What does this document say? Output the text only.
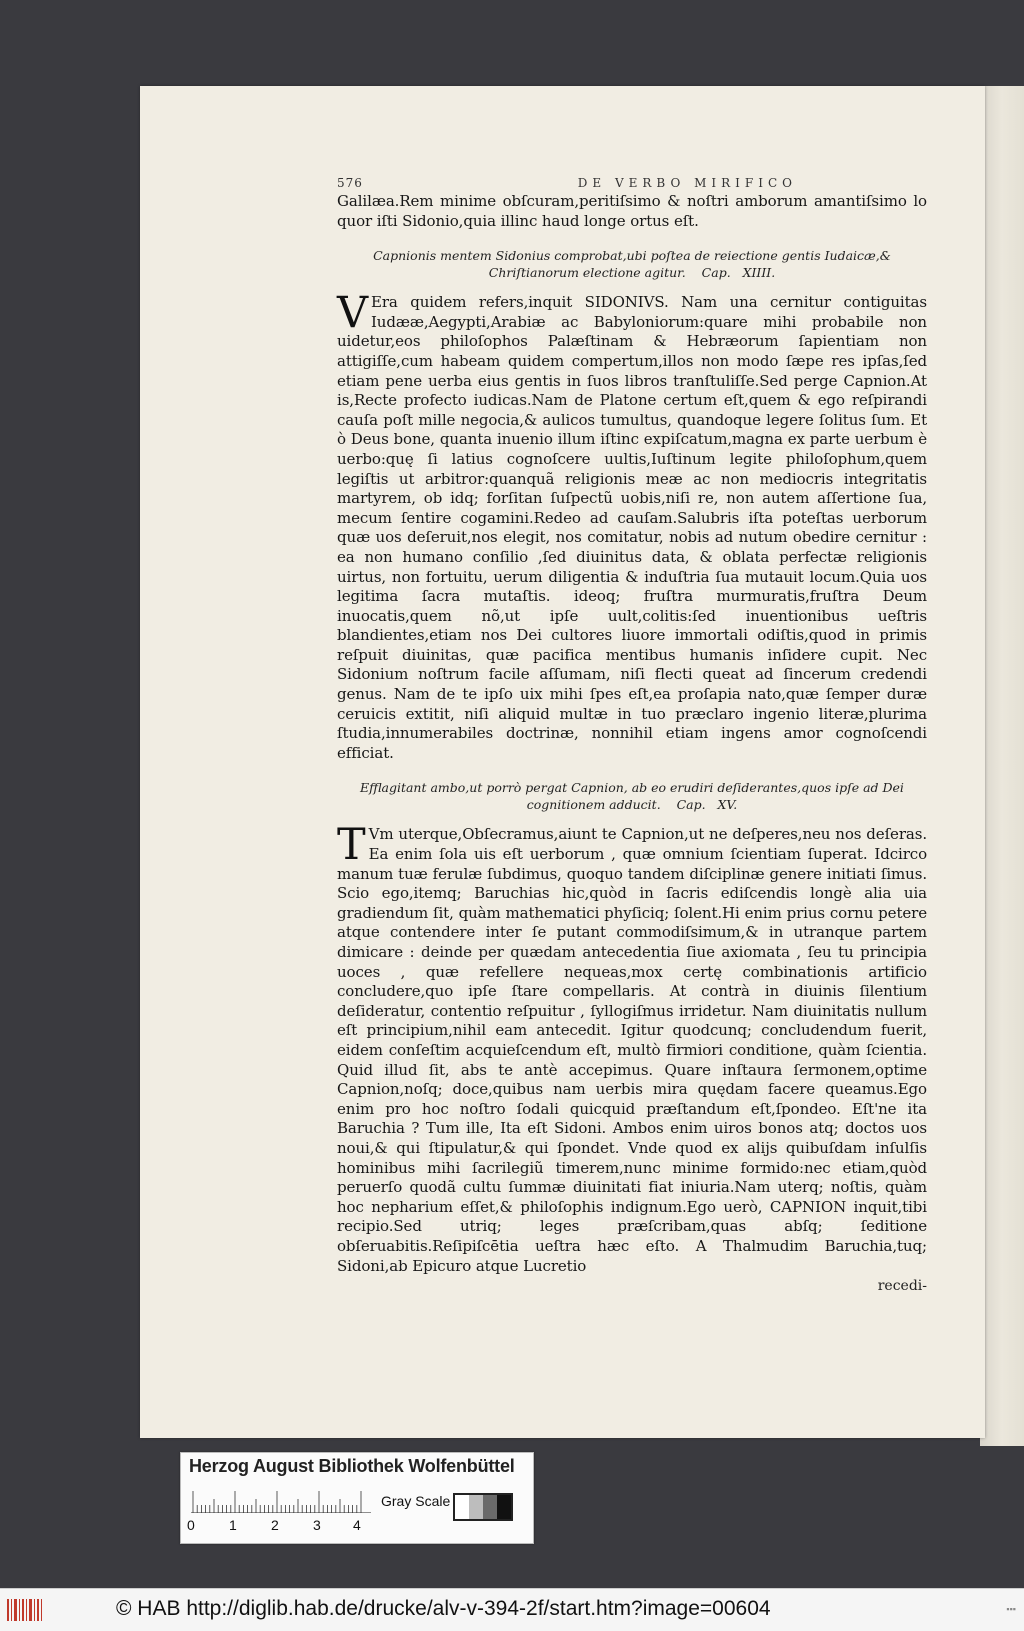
576	DE VERBO MIRIFICO

Galilæa.Rem minime obſcuram,peritiſsimo & noſtri amborum amantiſsimo lo quor iſti Sidonio,quia illinc haud longe ortus eſt.

Capnionis mentem Sidonius comprobat,ubi poſtea de reiectione gentis Iudaicæ,& Chriſtianorum electione agitur. Cap. XIIII.

V Era quidem refers,inquit SIDONIVS. Nam una cernitur contiguitas Iudææ,Aegypti,Arabiæ ac Babyloniorum:quare mihi probabile non uidetur,eos philoſophos Palæſtinam & Hebræorum ſapientiam non attigiſſe,cum habeam quidem compertum,illos non modo ſæpe res ipſas,ſed etiam pene uerba eius gentis in ſuos libros tranſtuliſſe.Sed perge Capnion.At is,Recte profecto iudicas.Nam de Platone certum eſt,quem & ego reſpirandi cauſa poſt mille negocia,& aulicos tumultus, quandoque legere ſolitus ſum. Et ò Deus bone, quanta inuenio illum iſtinc expiſcatum,magna ex parte uerbum è uerbo:quę ſi latius cognoſcere uultis,Iuſtinum legite philoſophum,quem legiſtis ut arbitror:quanquã religionis meæ ac non mediocris integritatis martyrem, ob idq; forſitan ſuſpectũ uobis,niſi re, non autem aſſertione ſua, mecum ſentire cogamini.Redeo ad cauſam.Salubris iſta poteſtas uerborum quæ uos deſeruit,nos elegit, nos comitatur, nobis ad nutum obedire cernitur : ea non humano conſilio ,ſed diuinitus data, & oblata perfectæ religionis uirtus, non fortuitu, uerum diligentia & induſtria ſua mutauit locum.Quia uos legitima ſacra mutaſtis. ideoq; fruſtra murmuratis,fruſtra Deum inuocatis,quem nõ,ut ipſe uult,colitis:ſed inuentionibus ueſtris blandientes,etiam nos Dei cultores liuore immortali odiſtis,quod in primis reſpuit diuinitas, quæ pacifica mentibus humanis inſidere cupit. Nec Sidonium noſtrum facile aſſumam, niſi flecti queat ad ſincerum credendi genus. Nam de te ipſo uix mihi ſpes eſt,ea proſapia nato,quæ ſemper duræ ceruicis extitit, niſi aliquid multæ in tuo præclaro ingenio literæ,plurima ſtudia,innumerabiles doctrinæ, nonnihil etiam ingens amor cognoſcendi efficiat.

Efflagitant ambo,ut porrò pergat Capnion, ab eo erudiri deſiderantes,quos ipſe ad Dei cognitionem adducit. Cap. XV.

T Vm uterque,Obſecramus,aiunt te Capnion,ut ne deſperes,neu nos deſeras. Ea enim ſola uis eſt uerborum , quæ omnium ſcientiam ſuperat. Idcirco manum tuæ ferulæ ſubdimus, quoquo tandem diſciplinæ genere initiati ſimus. Scio ego,itemq; Baruchias hic,quòd in ſacris ediſcendis longè alia uia gradiendum ſit, quàm mathematici phyſiciq; ſolent.Hi enim prius cornu petere atque contendere inter ſe putant commodiſsimum,& in utranque partem dimicare : deinde per quædam antecedentia ſiue axiomata , ſeu tu principia uoces , quæ refellere nequeas,mox certę combinationis artificio concludere,quo ipſe ſtare compellaris. At contrà in diuinis ſilentium deſideratur, contentio reſpuitur , ſyllogiſmus irridetur. Nam diuinitatis nullum eſt principium,nihil eam antecedit. Igitur quodcunq; concludendum fuerit, eidem conſeſtim acquieſcendum eſt, multò firmiori conditione, quàm ſcientia. Quid illud ſit, abs te antè accepimus. Quare inſtaura ſermonem,optime Capnion,noſq; doce,quibus nam uerbis mira quędam facere queamus.Ego enim pro hoc noſtro ſodali quicquid præſtandum eſt,ſpondeo. Eſt'ne ita Baruchia ? Tum ille, Ita eſt Sidoni. Ambos enim uiros bonos atq; doctos uos noui,& qui ſtipulatur,& qui ſpondet. Vnde quod ex alijs quibuſdam inſulſis hominibus mihi ſacrilegiũ timerem,nunc minime formido:nec etiam,quòd peruerſo quodã cultu ſummæ diuinitati fiat iniuria.Nam uterq; noſtis, quàm hoc nepharium eſſet,& philoſophis indignum.Ego uerò, CAPNION inquit,tibi recipio.Sed utriq; leges præſcribam,quas abſq; ſeditione obſeruabitis.Reſipiſcētia ueſtra hæc eſto. A Thalmudim Baruchia,tuq; Sidoni,ab Epicuro atque Lucretio

recedi-
Herzog August Bibliothek Wolfenbüttel
0 1 2 3 4
Gray Scale
© HAB http://diglib.hab.de/drucke/alv-v-394-2f/start.htm?image=00604	▪▪▪
